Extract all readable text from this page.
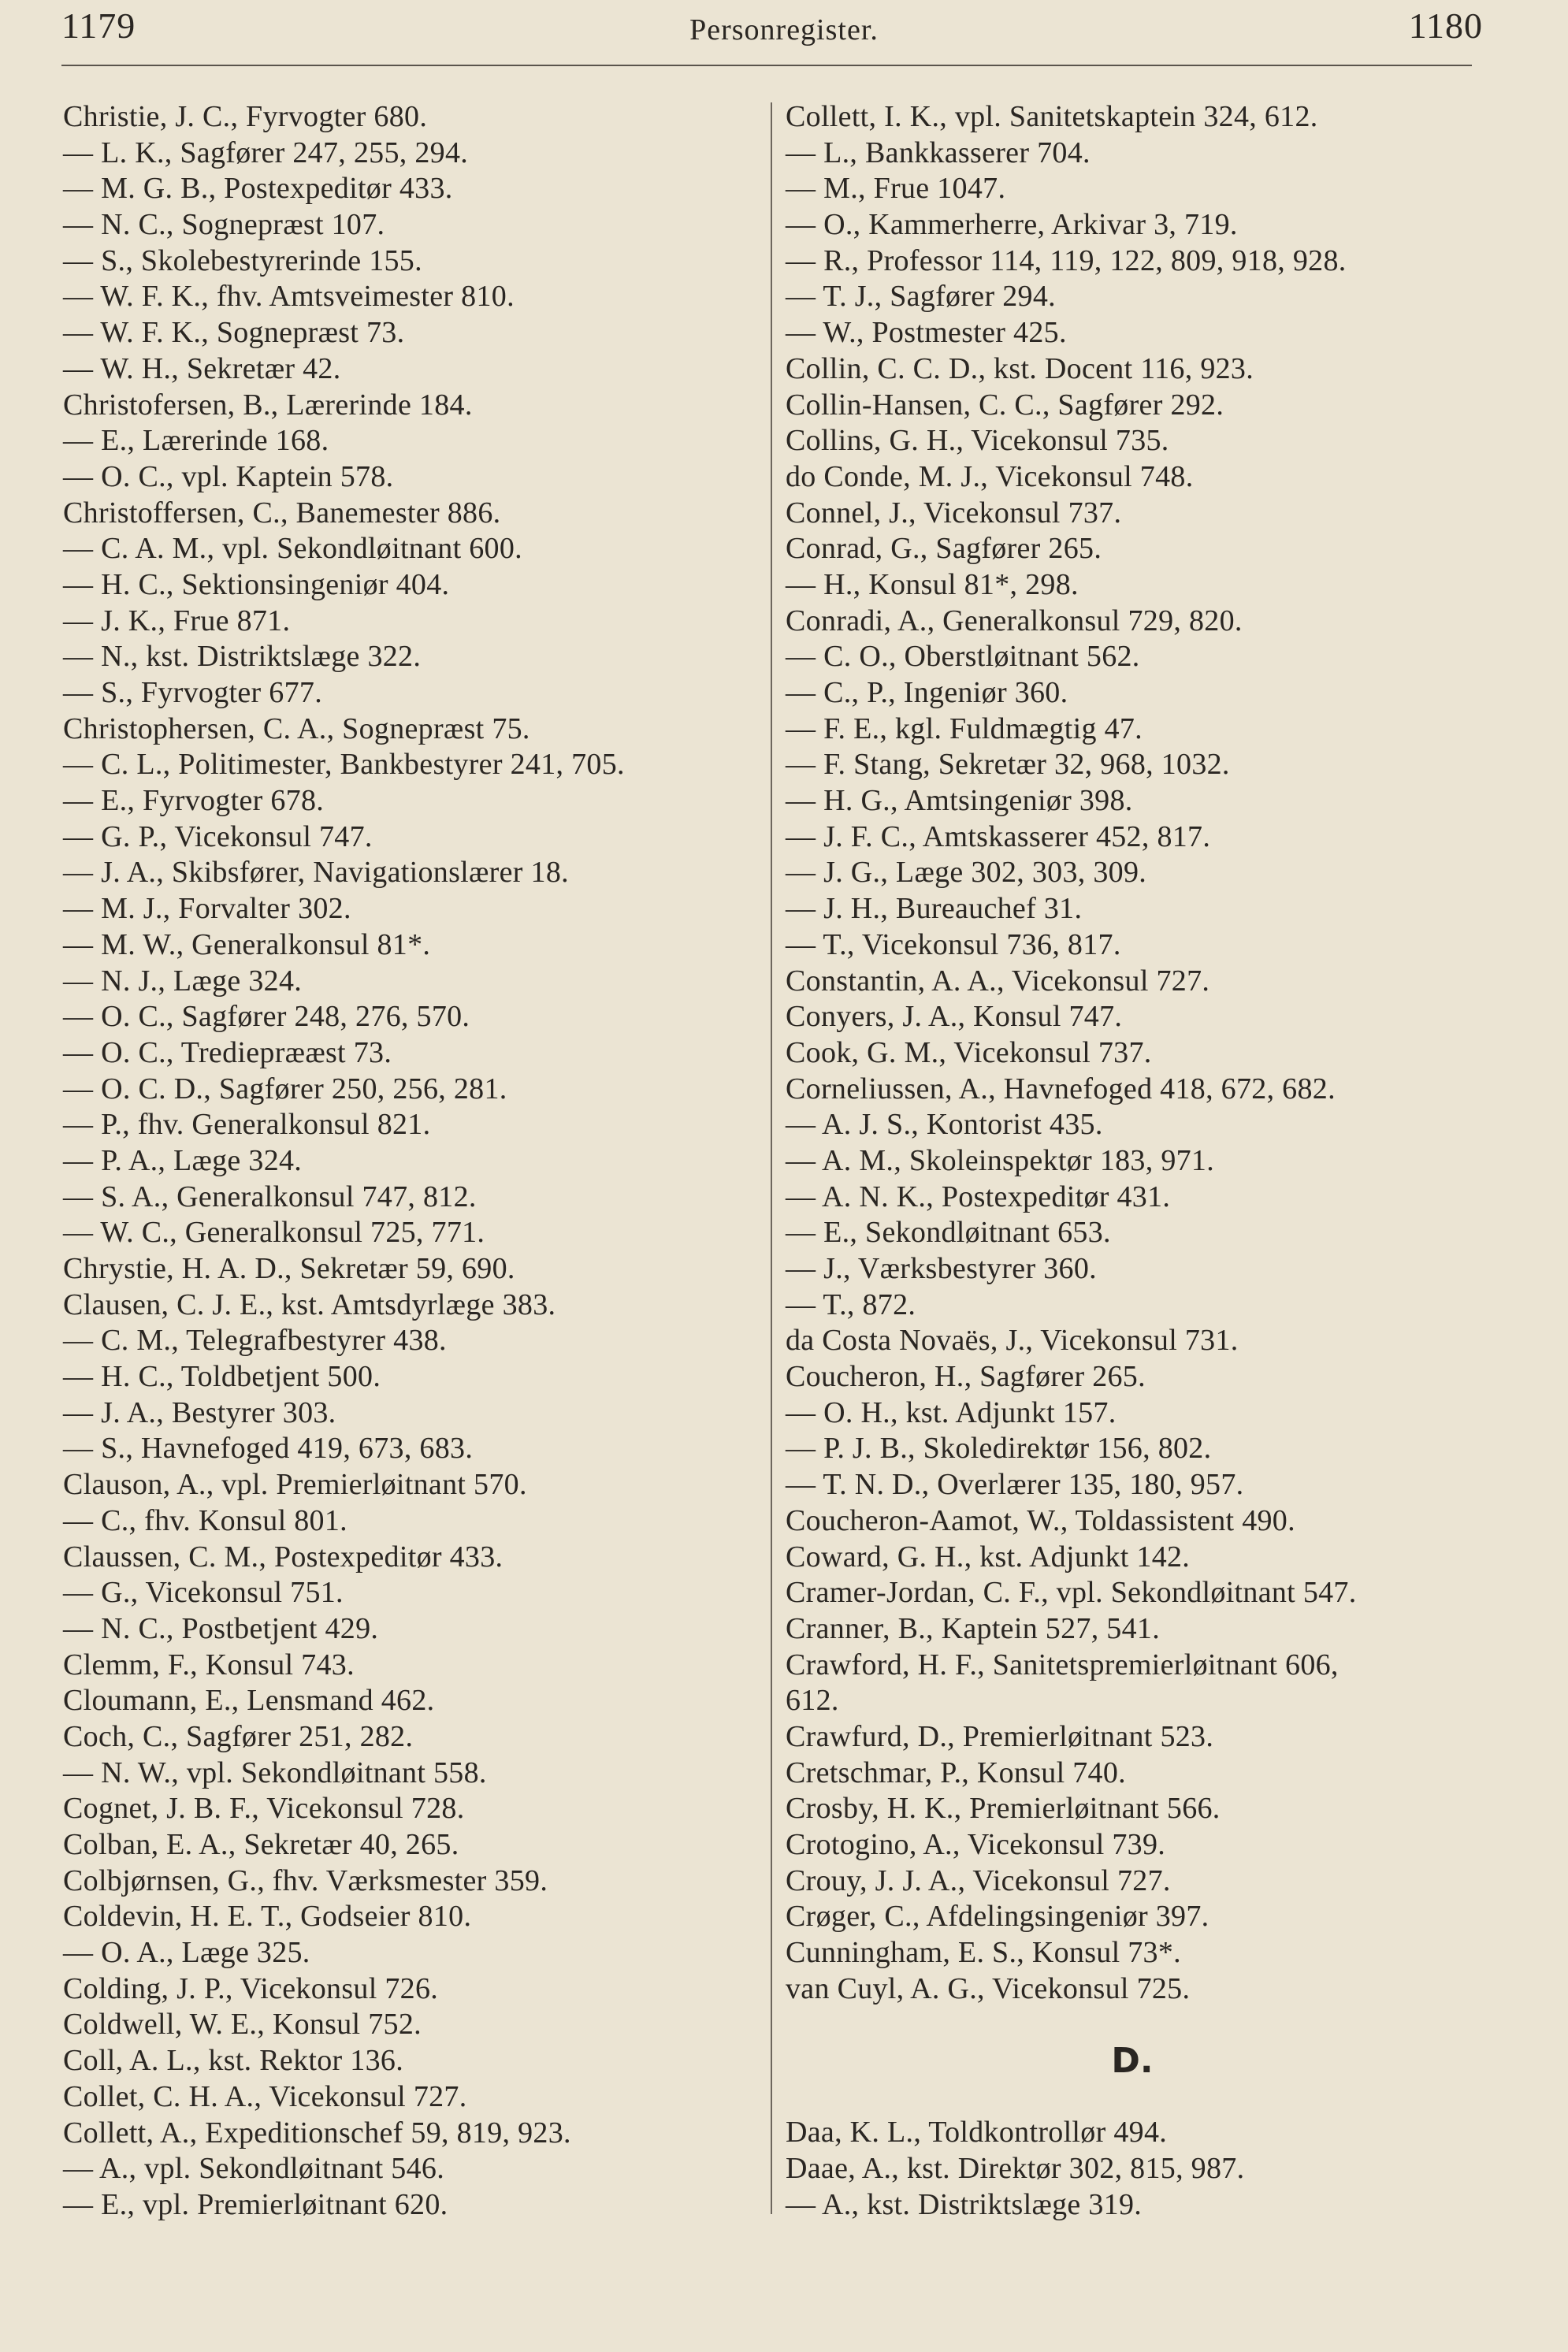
1179	Personregister.	1180
Christie, J. C., Fyrvogter 680.
— L. K., Sagfører 247, 255, 294.
— M. G. B., Postexpeditør 433.
— N. C., Sognepræst 107.
— S., Skolebestyrerinde 155.
— W. F. K., fhv. Amtsveimester 810.
— W. F. K., Sognepræst 73.
— W. H., Sekretær 42.
Christofersen, B., Lærerinde 184.
— E., Lærerinde 168.
— O. C., vpl. Kaptein 578.
Christoffersen, C., Banemester 886.
— C. A. M., vpl. Sekondløitnant 600.
— H. C., Sektionsingeniør 404.
— J. K., Frue 871.
— N., kst. Distriktslæge 322.
— S., Fyrvogter 677.
Christophersen, C. A., Sognepræst 75.
— C. L., Politimester, Bankbestyrer 241, 705.
— E., Fyrvogter 678.
— G. P., Vicekonsul 747.
— J. A., Skibsfører, Navigationslærer 18.
— M. J., Forvalter 302.
— M. W., Generalkonsul 81*.
— N. J., Læge 324.
— O. C., Sagfører 248, 276, 570.
— O. C., Tredieprææst 73.
— O. C. D., Sagfører 250, 256, 281.
— P., fhv. Generalkonsul 821.
— P. A., Læge 324.
— S. A., Generalkonsul 747, 812.
— W. C., Generalkonsul 725, 771.
Chrystie, H. A. D., Sekretær 59, 690.
Clausen, C. J. E., kst. Amtsdyrlæge 383.
— C. M., Telegrafbestyrer 438.
— H. C., Toldbetjent 500.
— J. A., Bestyrer 303.
— S., Havnefoged 419, 673, 683.
Clauson, A., vpl. Premierløitnant 570.
— C., fhv. Konsul 801.
Claussen, C. M., Postexpeditør 433.
— G., Vicekonsul 751.
— N. C., Postbetjent 429.
Clemm, F., Konsul 743.
Cloumann, E., Lensmand 462.
Coch, C., Sagfører 251, 282.
— N. W., vpl. Sekondløitnant 558.
Cognet, J. B. F., Vicekonsul 728.
Colban, E. A., Sekretær 40, 265.
Colbjørnsen, G., fhv. Værksmester 359.
Coldevin, H. E. T., Godseier 810.
— O. A., Læge 325.
Colding, J. P., Vicekonsul 726.
Coldwell, W. E., Konsul 752.
Coll, A. L., kst. Rektor 136.
Collet, C. H. A., Vicekonsul 727.
Collett, A., Expeditionschef 59, 819, 923.
— A., vpl. Sekondløitnant 546.
— E., vpl. Premierløitnant 620.
Collett, I. K., vpl. Sanitetskaptein 324, 612.
— L., Bankkasserer 704.
— M., Frue 1047.
— O., Kammerherre, Arkivar 3, 719.
— R., Professor 114, 119, 122, 809, 918, 928.
— T. J., Sagfører 294.
— W., Postmester 425.
Collin, C. C. D., kst. Docent 116, 923.
Collin-Hansen, C. C., Sagfører 292.
Collins, G. H., Vicekonsul 735.
do Conde, M. J., Vicekonsul 748.
Connel, J., Vicekonsul 737.
Conrad, G., Sagfører 265.
— H., Konsul 81*, 298.
Conradi, A., Generalkonsul 729, 820.
— C. O., Oberstløitnant 562.
— C., P., Ingeniør 360.
— F. E., kgl. Fuldmægtig 47.
— F. Stang, Sekretær 32, 968, 1032.
— H. G., Amtsingeniør 398.
— J. F. C., Amtskasserer 452, 817.
— J. G., Læge 302, 303, 309.
— J. H., Bureauchef 31.
— T., Vicekonsul 736, 817.
Constantin, A. A., Vicekonsul 727.
Conyers, J. A., Konsul 747.
Cook, G. M., Vicekonsul 737.
Corneliussen, A., Havnefoged 418, 672, 682.
— A. J. S., Kontorist 435.
— A. M., Skoleinspektør 183, 971.
— A. N. K., Postexpeditør 431.
— E., Sekondløitnant 653.
— J., Værksbestyrer 360.
— T., 872.
da Costa Novaës, J., Vicekonsul 731.
Coucheron, H., Sagfører 265.
— O. H., kst. Adjunkt 157.
— P. J. B., Skoledirektør 156, 802.
— T. N. D., Overlærer 135, 180, 957.
Coucheron-Aamot, W., Toldassistent 490.
Coward, G. H., kst. Adjunkt 142.
Cramer-Jordan, C. F., vpl. Sekondløitnant 547.
Cranner, B., Kaptein 527, 541.
Crawford, H. F., Sanitetspremierløitnant 606,
612.
Crawfurd, D., Premierløitnant 523.
Cretschmar, P., Konsul 740.
Crosby, H. K., Premierløitnant 566.
Crotogino, A., Vicekonsul 739.
Crouy, J. J. A., Vicekonsul 727.
Crøger, C., Afdelingsingeniør 397.
Cunningham, E. S., Konsul 73*.
van Cuyl, A. G., Vicekonsul 725.
D.
Daa, K. L., Toldkontrollør 494.
Daae, A., kst. Direktør 302, 815, 987.
— A., kst. Distriktslæge 319.
